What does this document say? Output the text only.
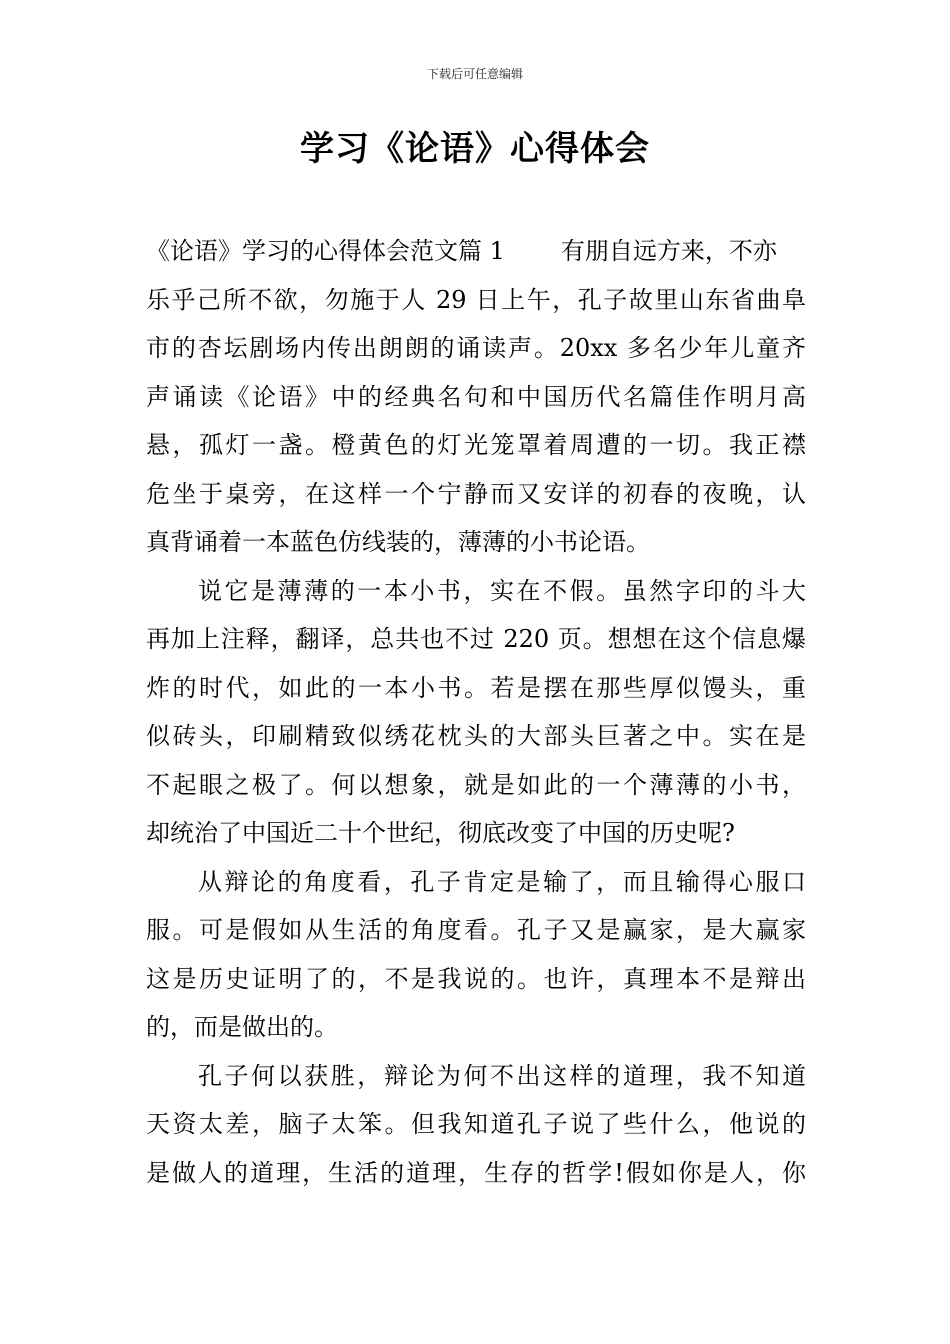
下载后可任意编辑
学习《论语》心得体会
《论语》学习的心得体会范文篇 1 有朋自远方来，不亦
乐乎己所不欲，勿施于人 29 日上午，孔子故里山东省曲阜
市的杏坛剧场内传出朗朗的诵读声。20xx 多名少年儿童齐
声诵读《论语》中的经典名句和中国历代名篇佳作明月高
悬，孤灯一盏。橙黄色的灯光笼罩着周遭的一切。我正襟
危坐于桌旁，在这样一个宁静而又安详的初春的夜晚，认
真背诵着一本蓝色仿线装的，薄薄的小书论语。
说它是薄薄的一本小书，实在不假。虽然字印的斗大
再加上注释，翻译，总共也不过 220 页。想想在这个信息爆
炸的时代，如此的一本小书。若是摆在那些厚似馒头，重
似砖头，印刷精致似绣花枕头的大部头巨著之中。实在是
不起眼之极了。何以想象，就是如此的一个薄薄的小书，
却统治了中国近二十个世纪，彻底改变了中国的历史呢?
从辩论的角度看，孔子肯定是输了，而且输得心服口
服。可是假如从生活的角度看。孔子又是赢家，是大赢家
这是历史证明了的，不是我说的。也许，真理本不是辩出
的，而是做出的。
孔子何以获胜，辩论为何不出这样的道理，我不知道
天资太差，脑子太笨。但我知道孔子说了些什么，他说的
是做人的道理，生活的道理，生存的哲学!假如你是人，你
